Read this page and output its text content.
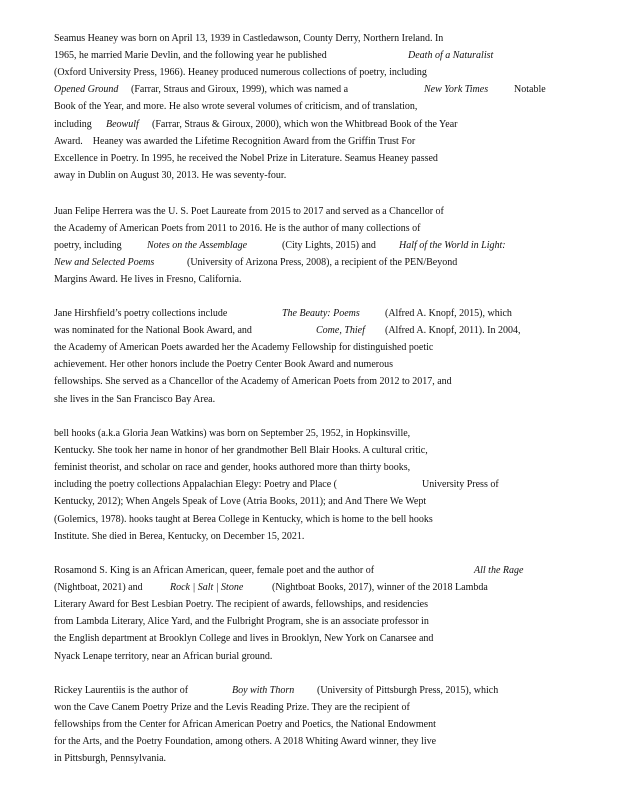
Seamus Heaney was born on April 13, 1939 in Castledawson, County Derry, Northern Ireland. In
1965, he married Marie Devlin, and the following year he published	Death of a Naturalist
(Oxford University Press, 1966). Heaney produced numerous collections of poetry, including
Opened Ground (Farrar, Straus and Giroux, 1999), which was named a	New York Times	Notable
Book of the Year, and more. He also wrote several volumes of criticism, and of translation,
including Beowulf (Farrar, Straus & Giroux, 2000), which won the Whitbread Book of the Year
Award.    Heaney was awarded the Lifetime Recognition Award from the Griffin Trust For
Excellence in Poetry. In 1995, he received the Nobel Prize in Literature. Seamus Heaney passed
away in Dublin on August 30, 2013. He was seventy-four.
Juan Felipe Herrera was the U. S. Poet Laureate from 2015 to 2017 and served as a Chancellor of
the Academy of American Poets from 2011 to 2016. He is the author of many collections of
poetry, including	Notes on the Assemblage	(City Lights, 2015) and Half of the World in Light:
New and Selected Poems	(University of Arizona Press, 2008), a recipient of the PEN/Beyond
Margins Award. He lives in Fresno, California.
Jane Hirshfield’s poetry collections include	The Beauty: Poems	(Alfred A. Knopf, 2015), which
was nominated for the National Book Award, and	Come, Thief (Alfred A. Knopf, 2011). In 2004,
the Academy of American Poets awarded her the Academy Fellowship for distinguished poetic
achievement. Her other honors include the Poetry Center Book Award and numerous
fellowships. She served as a Chancellor of the Academy of American Poets from 2012 to 2017, and
she lives in the San Francisco Bay Area.
bell hooks (a.k.a Gloria Jean Watkins) was born on September 25, 1952, in Hopkinsville,
Kentucky. She took her name in honor of her grandmother Bell Blair Hooks. A cultural critic,
feminist theorist, and scholar on race and gender, hooks authored more than thirty books,
including the poetry collections Appalachian Elegy: Poetry and Place (	University Press of
Kentucky, 2012); When Angels Speak of Love (Atria Books, 2011); and And There We Wept
(Golemics, 1978). hooks taught at Berea College in Kentucky, which is home to the bell hooks
Institute. She died in Berea, Kentucky, on December 15, 2021.
Rosamond S. King is an African American, queer, female poet and the author of	All the Rage
(Nightboat, 2021) and	Rock | Salt | Stone	(Nightboat Books, 2017), winner of the 2018 Lambda
Literary Award for Best Lesbian Poetry. The recipient of awards, fellowships, and residencies
from Lambda Literary, Alice Yard, and the Fulbright Program, she is an associate professor in
the English department at Brooklyn College and lives in Brooklyn, New York on Canarsee and
Nyack Lenape territory, near an African burial ground.
Rickey Laurentiis is the author of	Boy with Thorn (University of Pittsburgh Press, 2015), which
won the Cave Canem Poetry Prize and the Levis Reading Prize. They are the recipient of
fellowships from the Center for African American Poetry and Poetics, the National Endowment
for the Arts, and the Poetry Foundation, among others. A 2018 Whiting Award winner, they live
in Pittsburgh, Pennsylvania.
